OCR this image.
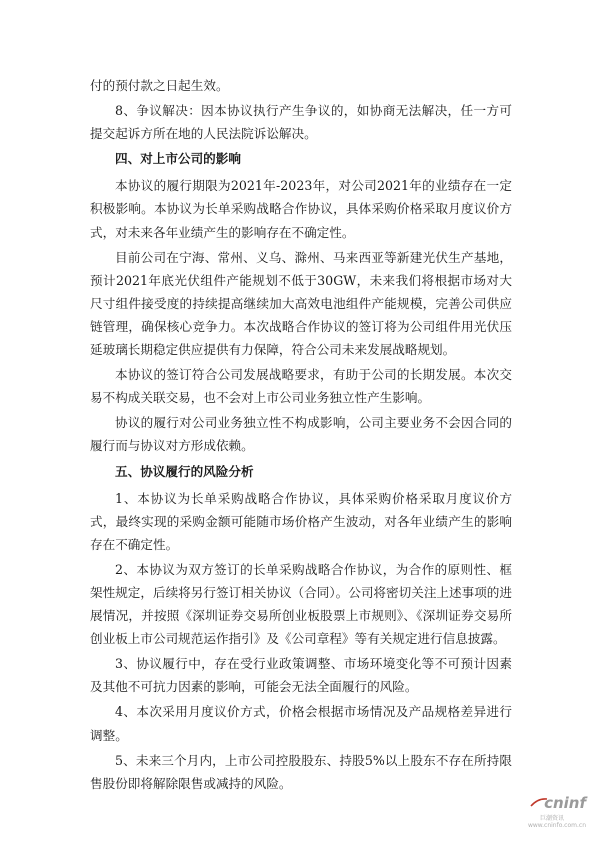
付的预付款之日起生效。

8、争议解决：因本协议执行产生争议的，如协商无法解决，任一方可提交起诉方所在地的人民法院诉讼解决。

四、对上市公司的影响

本协议的履行期限为2021年-2023年，对公司2021年的业绩存在一定积极影响。本协议为长单采购战略合作协议，具体采购价格采取月度议价方式，对未来各年业绩产生的影响存在不确定性。

目前公司在宁海、常州、义乌、滁州、马来西亚等新建光伏生产基地，预计2021年底光伏组件产能规划不低于30GW，未来我们将根据市场对大尺寸组件接受度的持续提高继续加大高效电池组件产能规模，完善公司供应链管理，确保核心竞争力。本次战略合作协议的签订将为公司组件用光伏压延玻璃长期稳定供应提供有力保障，符合公司未来发展战略规划。

本协议的签订符合公司发展战略要求，有助于公司的长期发展。本次交易不构成关联交易，也不会对上市公司业务独立性产生影响。

协议的履行对公司业务独立性不构成影响，公司主要业务不会因合同的履行而与协议对方形成依赖。

五、协议履行的风险分析

1、本协议为长单采购战略合作协议，具体采购价格采取月度议价方式，最终实现的采购金额可能随市场价格产生波动，对各年业绩产生的影响存在不确定性。

2、本协议为双方签订的长单采购战略合作协议，为合作的原则性、框架性规定，后续将另行签订相关协议（合同）。公司将密切关注上述事项的进展情况，并按照《深圳证券交易所创业板股票上市规则》、《深圳证券交易所创业板上市公司规范运作指引》及《公司章程》等有关规定进行信息披露。

3、协议履行中，存在受行业政策调整、市场环境变化等不可预计因素及其他不可抗力因素的影响，可能会无法全面履行的风险。

4、本次采用月度议价方式，价格会根据市场情况及产品规格差异进行调整。

5、未来三个月内，上市公司控股股东、持股5%以上股东不存在所持限售股份即将解除限售或减持的风险。

cninf
巨潮资讯
www.cninfo.com.cn
